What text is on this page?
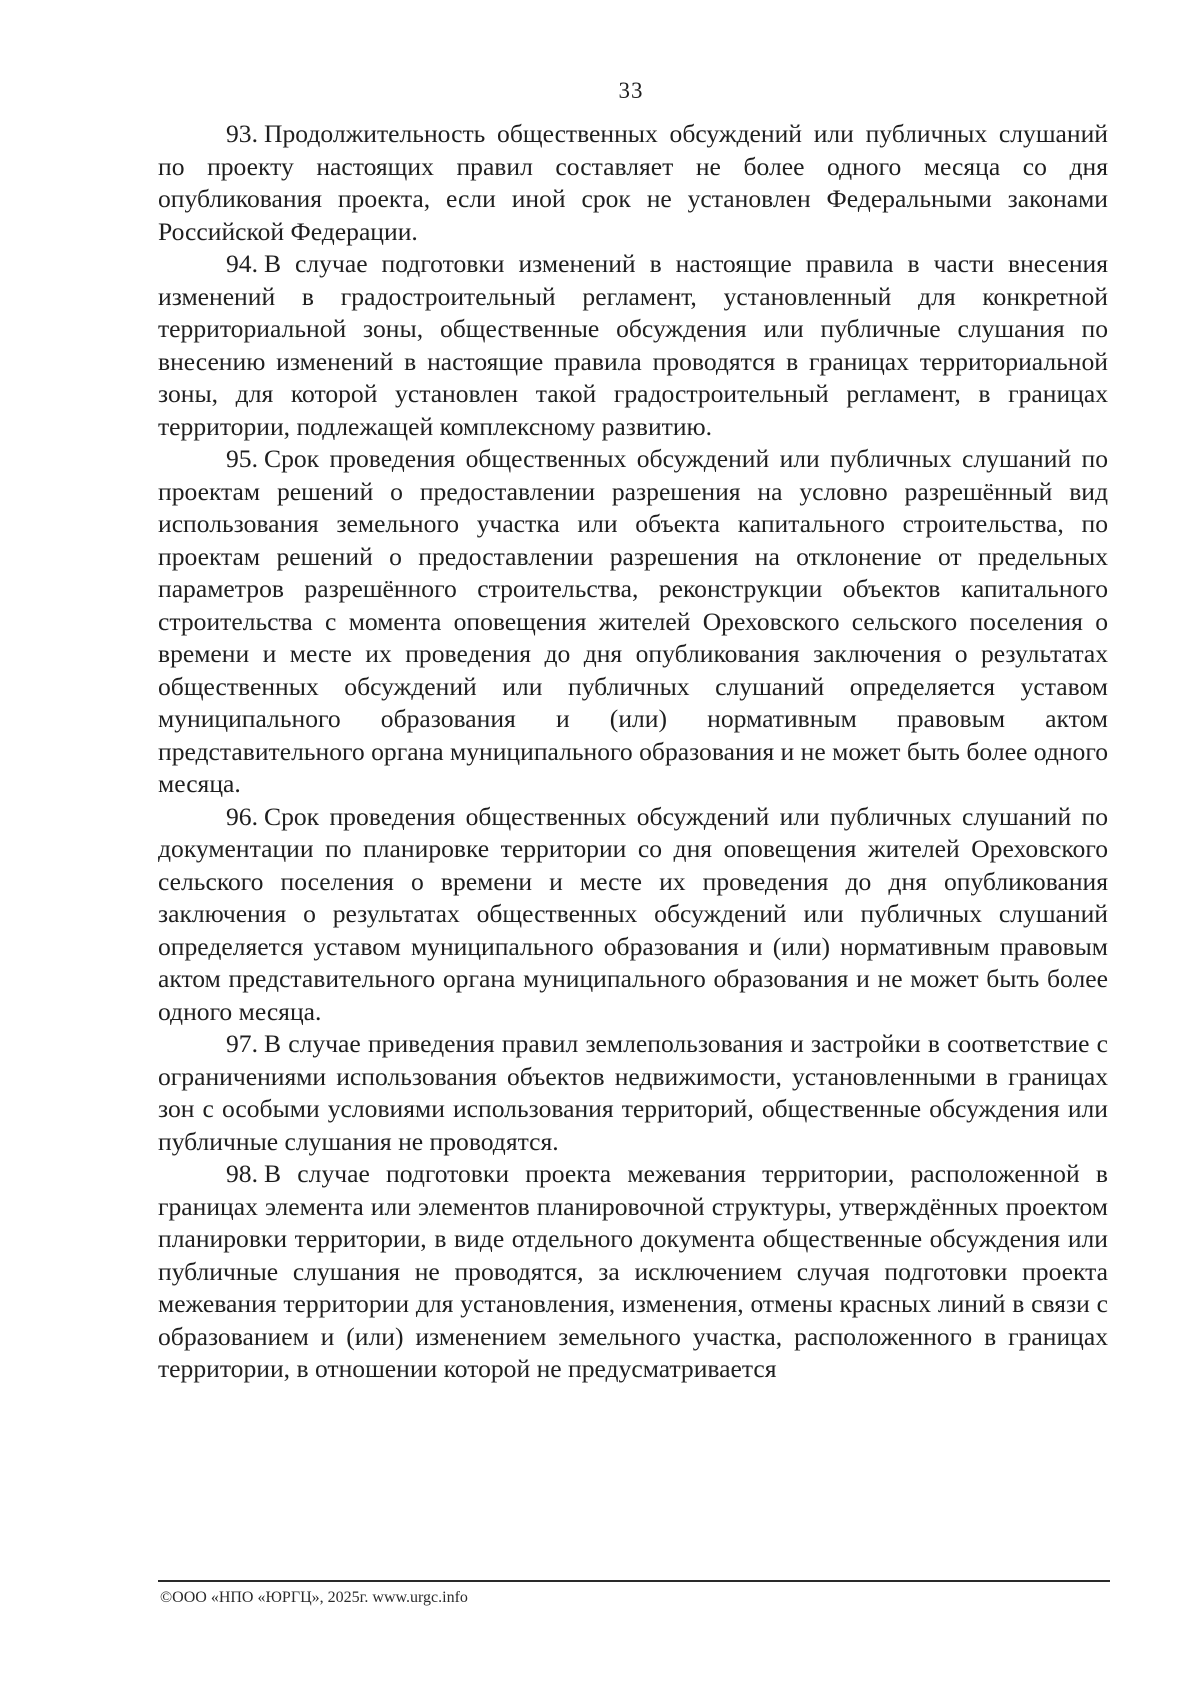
33

93. Продолжительность общественных обсуждений или публичных слушаний по проекту настоящих правил составляет не более одного месяца со дня опубликования проекта, если иной срок не установлен Федеральными законами Российской Федерации.

94. В случае подготовки изменений в настоящие правила в части внесения изменений в градостроительный регламент, установленный для конкретной территориальной зоны, общественные обсуждения или публичные слушания по внесению изменений в настоящие правила проводятся в границах территориальной зоны, для которой установлен такой градостроительный регламент, в границах территории, подлежащей комплексному развитию.

95. Срок проведения общественных обсуждений или публичных слушаний по проектам решений о предоставлении разрешения на условно разрешённый вид использования земельного участка или объекта капитального строительства, по проектам решений о предоставлении разрешения на отклонение от предельных параметров разрешённого строительства, реконструкции объектов капитального строительства с момента оповещения жителей Ореховского сельского поселения о времени и месте их проведения до дня опубликования заключения о результатах общественных обсуждений или публичных слушаний определяется уставом муниципального образования и (или) нормативным правовым актом представительного органа муниципального образования и не может быть более одного месяца.

96. Срок проведения общественных обсуждений или публичных слушаний по документации по планировке территории со дня оповещения жителей Ореховского сельского поселения о времени и месте их проведения до дня опубликования заключения о результатах общественных обсуждений или публичных слушаний определяется уставом муниципального образования и (или) нормативным правовым актом представительного органа муниципального образования и не может быть более одного месяца.

97. В случае приведения правил землепользования и застройки в соответствие с ограничениями использования объектов недвижимости, установленными в границах зон с особыми условиями использования территорий, общественные обсуждения или публичные слушания не проводятся.

98. В случае подготовки проекта межевания территории, расположенной в границах элемента или элементов планировочной структуры, утверждённых проектом планировки территории, в виде отдельного документа общественные обсуждения или публичные слушания не проводятся, за исключением случая подготовки проекта межевания территории для установления, изменения, отмены красных линий в связи с образованием и (или) изменением земельного участка, расположенного в границах территории, в отношении которой не предусматривается

©ООО «НПО «ЮРГЦ», 2025г. www.urgc.info
